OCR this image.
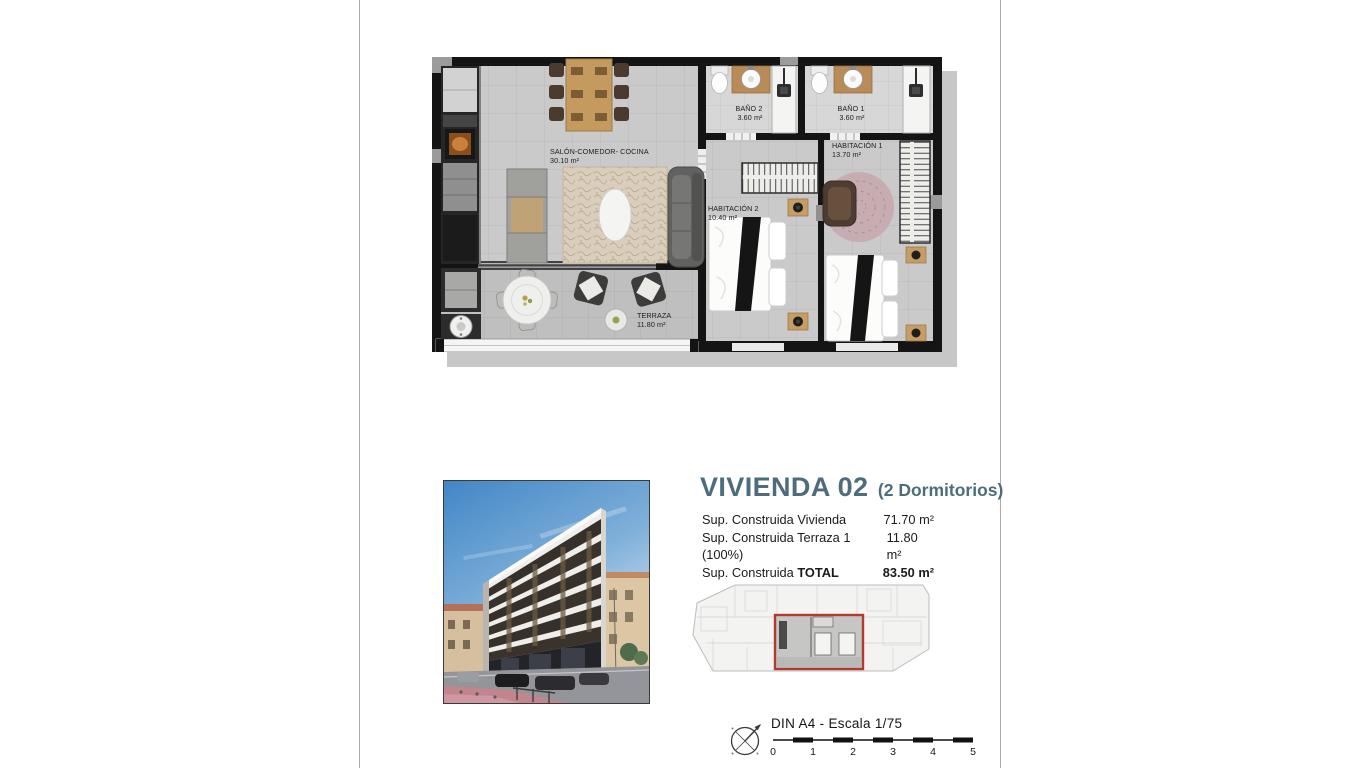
SALÓN-COMEDOR- COCINA 30.10 m²
BAÑO 2 3.60 m²
BAÑO 1 3.60 m²
HABITACIÓN 1 13.70 m²
HABITACIÓN 2 10.40 m²
TERRAZA 11.80 m²
VIVIENDA 02 (2 Dormitorios)
Sup. Construida Vivienda	71.70 m²
Sup. Construida Terraza 1 (100%)
11.80 m²
Sup. Construida TOTAL	83.50 m²
DIN A4 - Escala 1/75
0	1	2	3	4	5
